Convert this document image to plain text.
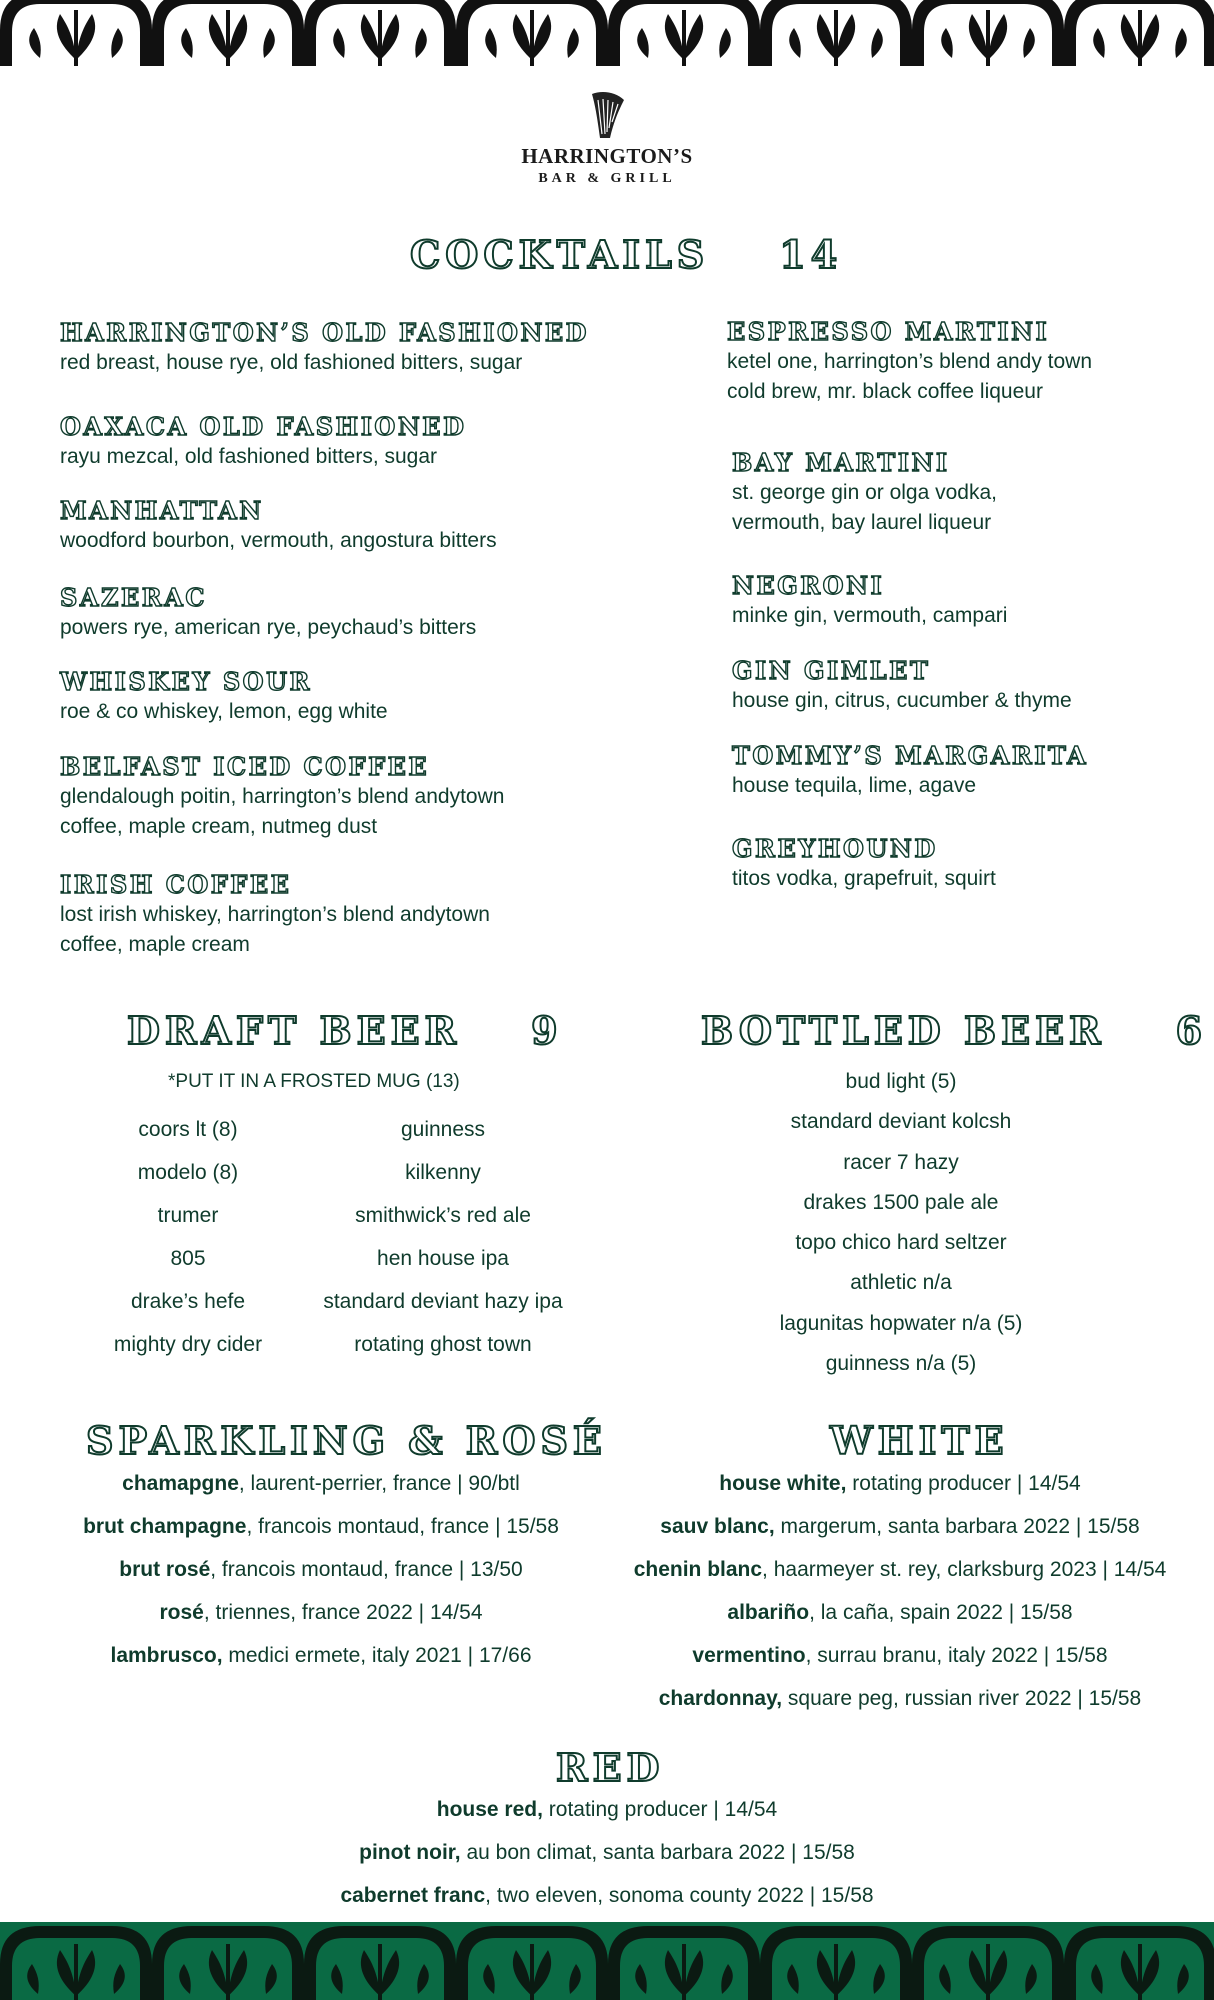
HARRINGTON’S
BAR & GRILL
COCKTAILS 14
HARRINGTON’S OLD FASHIONED
red breast, house rye, old fashioned bitters, sugar
OAXACA OLD FASHIONED
rayu mezcal, old fashioned bitters, sugar
MANHATTAN
woodford bourbon, vermouth, angostura bitters
SAZERAC
powers rye, american rye, peychaud’s bitters
WHISKEY SOUR
roe & co whiskey, lemon, egg white
BELFAST ICED COFFEE
glendalough poitin, harrington’s blend andytown
coffee, maple cream, nutmeg dust
IRISH COFFEE
lost irish whiskey, harrington’s blend andytown
coffee, maple cream
ESPRESSO MARTINI
ketel one, harrington’s blend andy town
cold brew, mr. black coffee liqueur
BAY MARTINI
st. george gin or olga vodka,
vermouth, bay laurel liqueur
NEGRONI
minke gin, vermouth, campari
GIN GIMLET
house gin, citrus, cucumber & thyme
TOMMY’S MARGARITA
house tequila, lime, agave
GREYHOUND
titos vodka, grapefruit, squirt
DRAFT BEER 9
*PUT IT IN A FROSTED MUG (13)
coors lt (8)
modelo (8)
trumer
805
drake’s hefe
mighty dry cider
guinness
kilkenny
smithwick’s red ale
hen house ipa
standard deviant hazy ipa
rotating ghost town
BOTTLED BEER 6
bud light (5)
standard deviant kolcsh
racer 7 hazy
drakes 1500 pale ale
topo chico hard seltzer
athletic n/a
lagunitas hopwater n/a (5)
guinness n/a (5)
SPARKLING & ROSÉ
chamapgne, laurent-perrier, france | 90/btl
brut champagne, francois montaud, france | 15/58
brut rosé, francois montaud, france | 13/50
rosé, triennes, france 2022 | 14/54
lambrusco, medici ermete, italy 2021 | 17/66
WHITE
house white, rotating producer | 14/54
sauv blanc, margerum, santa barbara 2022 | 15/58
chenin blanc, haarmeyer st. rey, clarksburg 2023 | 14/54
albariño, la caña, spain 2022 | 15/58
vermentino, surrau branu, italy 2022 | 15/58
chardonnay, square peg, russian river 2022 | 15/58
RED
house red, rotating producer | 14/54
pinot noir, au bon climat, santa barbara 2022 | 15/58
cabernet franc, two eleven, sonoma county 2022 | 15/58
